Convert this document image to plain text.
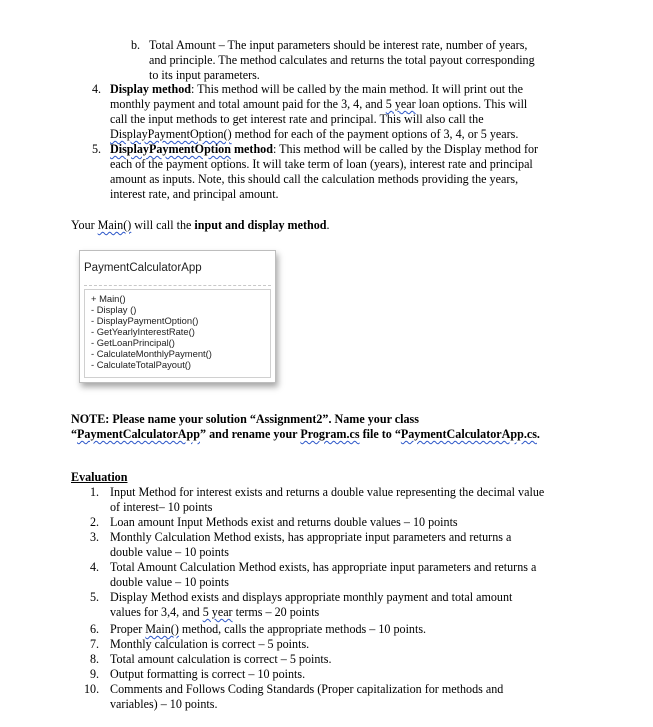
b. Total Amount – The input parameters should be interest rate, number of years,
and principle. The method calculates and returns the total payout corresponding
to its input parameters.
4. Display method: This method will be called by the main method. It will print out the
monthly payment and total amount paid for the 3, 4, and 5 year loan options. This will
call the input methods to get interest rate and principal. This will also call the
DisplayPaymentOption() method for each of the payment options of 3, 4, or 5 years.
5. DisplayPaymentOption method: This method will be called by the Display method for
each of the payment options. It will take term of loan (years), interest rate and principal
amount as inputs. Note, this should call the calculation methods providing the years,
interest rate, and principal amount.
Your Main() will call the input and display method.
PaymentCalculatorApp
+ Main()
- Display ()
- DisplayPaymentOption()
- GetYearlyInterestRate()
- GetLoanPrincipal()
- CalculateMonthlyPayment()
- CalculateTotalPayout()
NOTE: Please name your solution “Assignment2”. Name your class
“PaymentCalculatorApp” and rename your Program.cs file to “PaymentCalculatorApp.cs.
Evaluation
1. Input Method for interest exists and returns a double value representing the decimal value
of interest– 10 points
2. Loan amount Input Methods exist and returns double values – 10 points
3. Monthly Calculation Method exists, has appropriate input parameters and returns a
double value – 10 points
4. Total Amount Calculation Method exists, has appropriate input parameters and returns a
double value – 10 points
5. Display Method exists and displays appropriate monthly payment and total amount
values for 3,4, and 5 year terms – 20 points
6. Proper Main() method, calls the appropriate methods – 10 points.
7. Monthly calculation is correct – 5 points.
8. Total amount calculation is correct – 5 points.
9. Output formatting is correct – 10 points.
10. Comments and Follows Coding Standards (Proper capitalization for methods and
variables) – 10 points.
